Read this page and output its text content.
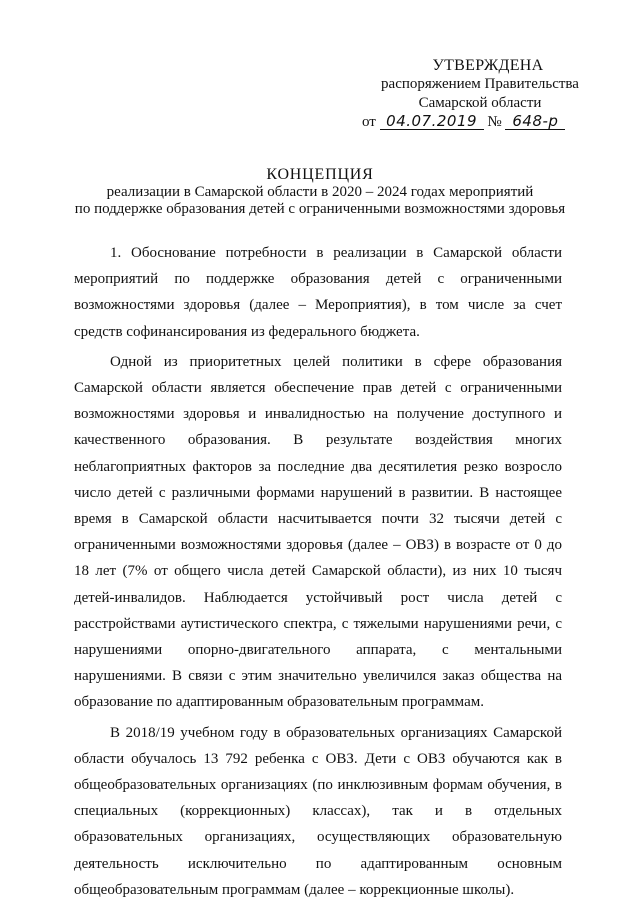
УТВЕРЖДЕНА
распоряжением Правительства
Самарской области
от 04.07.2019 № 648-р
КОНЦЕПЦИЯ
реализации в Самарской области в 2020 – 2024 годах мероприятий
по поддержке образования детей с ограниченными возможностями здоровья

1. Обоснование потребности в реализации в Самарской области мероприятий по поддержке образования детей с ограниченными возможностями здоровья (далее – Мероприятия), в том числе за счет средств софинансирования из федерального бюджета.

Одной из приоритетных целей политики в сфере образования Самарской области является обеспечение прав детей с ограниченными возможностями здоровья и инвалидностью на получение доступного и качественного образования. В результате воздействия многих неблагоприятных факторов за последние два десятилетия резко возросло число детей с различными формами нарушений в развитии. В настоящее время в Самарской области насчитывается почти 32 тысячи детей с ограниченными возможностями здоровья (далее – ОВЗ) в возрасте от 0 до 18 лет (7% от общего числа детей Самарской области), из них 10 тысяч детей-инвалидов. Наблюдается устойчивый рост числа детей с расстройствами аутистического спектра, с тяжелыми нарушениями речи, с нарушениями опорно-двигательного аппарата, с ментальными нарушениями. В связи с этим значительно увеличился заказ общества на образование по адаптированным образовательным программам.

В 2018/19 учебном году в образовательных организациях Самарской области обучалось 13 792 ребенка с ОВЗ. Дети с ОВЗ обучаются как в общеобразовательных организациях (по инклюзивным формам обучения, в специальных (коррекционных) классах), так и в отдельных образовательных организациях, осуществляющих образовательную деятельность исключительно по адаптированным основным общеобразовательным программам (далее – коррекционные школы).
